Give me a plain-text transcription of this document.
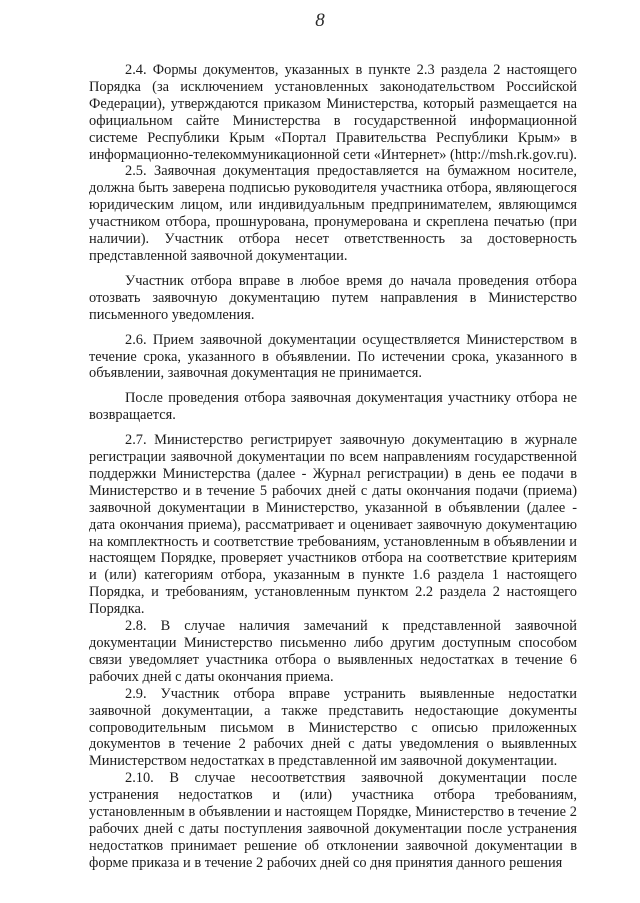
8

2.4. Формы документов, указанных в пункте 2.3 раздела 2 настоящего Порядка (за исключением установленных законодательством Российской Федерации), утверждаются приказом Министерства, который размещается на официальном сайте Министерства в государственной информационной системе Республики Крым «Портал Правительства Республики Крым» в информационно-телекоммуникационной сети «Интернет» (http://msh.rk.gov.ru).

2.5. Заявочная документация предоставляется на бумажном носителе, должна быть заверена подписью руководителя участника отбора, являющегося юридическим лицом, или индивидуальным предпринимателем, являющимся участником отбора, прошнурована, пронумерована и скреплена печатью (при наличии). Участник отбора несет ответственность за достоверность представленной заявочной документации.

Участник отбора вправе в любое время до начала проведения отбора отозвать заявочную документацию путем направления в Министерство письменного уведомления.

2.6. Прием заявочной документации осуществляется Министерством в течение срока, указанного в объявлении. По истечении срока, указанного в объявлении, заявочная документация не принимается.

После проведения отбора заявочная документация участнику отбора не возвращается.

2.7. Министерство регистрирует заявочную документацию в журнале регистрации заявочной документации по всем направлениям государственной поддержки Министерства (далее - Журнал регистрации) в день ее подачи в Министерство и в течение 5 рабочих дней с даты окончания подачи (приема) заявочной документации в Министерство, указанной в объявлении (далее - дата окончания приема), рассматривает и оценивает заявочную документацию на комплектность и соответствие требованиям, установленным в объявлении и настоящем Порядке, проверяет участников отбора на соответствие критериям и (или) категориям отбора, указанным в пункте 1.6 раздела 1 настоящего Порядка, и требованиям, установленным пунктом 2.2 раздела 2 настоящего Порядка.

2.8. В случае наличия замечаний к представленной заявочной документации Министерство письменно либо другим доступным способом связи уведомляет участника отбора о выявленных недостатках в течение 6 рабочих дней с даты окончания приема.

2.9. Участник отбора вправе устранить выявленные недостатки заявочной документации, а также представить недостающие документы сопроводительным письмом в Министерство с описью приложенных документов в течение 2 рабочих дней с даты уведомления о выявленных Министерством недостатках в представленной им заявочной документации.

2.10. В случае несоответствия заявочной документации после устранения недостатков и (или) участника отбора требованиям, установленным в объявлении и настоящем Порядке, Министерство в течение 2 рабочих дней с даты поступления заявочной документации после устранения недостатков принимает решение об отклонении заявочной документации в форме приказа и в течение 2 рабочих дней со дня принятия данного решения
